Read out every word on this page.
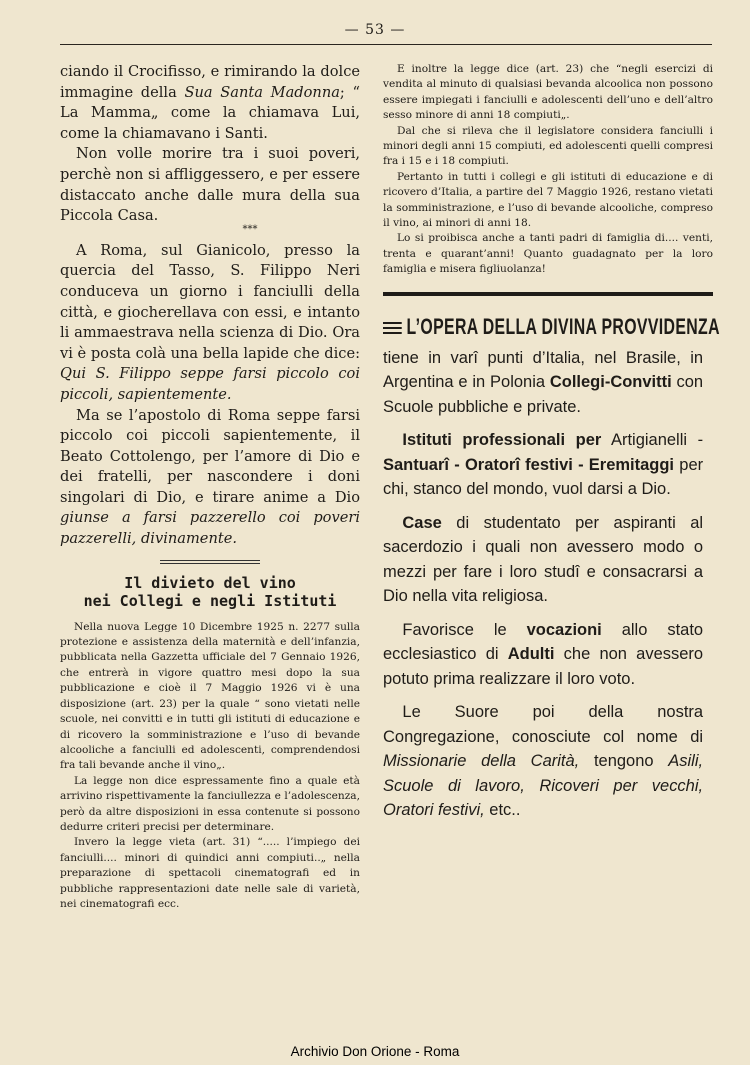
— 53 —

ciando il Crocifisso, e rimirando la dolce immagine della Sua Santa Madonna; “ La Mamma„ come la chiamava Lui, come la chiamavano i Santi.

Non volle morire tra i suoi poveri, perchè non si affliggessero, e per essere distaccato anche dalle mura della sua Piccola Casa.

***

A Roma, sul Gianicolo, presso la quercia del Tasso, S. Filippo Neri conduceva un giorno i fanciulli della città, e giocherellava con essi, e intanto li ammaestrava nella scienza di Dio. Ora vi è posta colà una bella lapide che dice: Qui S. Filippo seppe farsi piccolo coi piccoli, sapientemente.

Ma se l’apostolo di Roma seppe farsi piccolo coi piccoli sapientemente, il Beato Cottolengo, per l’amore di Dio e dei fratelli, per nascondere i doni singolari di Dio, e tirare anime a Dio giunse a farsi pazzerello coi poveri pazzerelli, divinamente.

Il divieto del vino
nei Collegi e negli Istituti

Nella nuova Legge 10 Dicembre 1925 n. 2277 sulla protezione e assistenza della maternità e dell’infanzia, pubblicata nella Gazzetta ufficiale del 7 Gennaio 1926, che entrerà in vigore quattro mesi dopo la sua pubblicazione e cioè il 7 Maggio 1926 vi è una disposizione (art. 23) per la quale “ sono vietati nelle scuole, nei convitti e in tutti gli istituti di educazione e di ricovero la somministrazione e l’uso di bevande alcooliche a fanciulli ed adolescenti, comprendendosi fra tali bevande anche il vino„.

La legge non dice espressamente fino a quale età arrivino rispettivamente la fanciullezza e l’adolescenza, però da altre disposizioni in essa contenute si possono dedurre criteri precisi per determinare.

Invero la legge vieta (art. 31) “..... l’impiego dei fanciulli.... minori di quindici anni compiuti..„ nella preparazione di spettacoli cinematografi ed in pubbliche rappresentazioni date nelle sale di varietà, nei cinematografi ecc.

E inoltre la legge dice (art. 23) che “negli esercizi di vendita al minuto di qualsiasi bevanda alcoolica non possono essere impiegati i fanciulli e adolescenti dell’uno e dell’altro sesso minore di anni 18 compiuti„.

Dal che si rileva che il legislatore considera fanciulli i minori degli anni 15 compiuti, ed adolescenti quelli compresi fra i 15 e i 18 compiuti.

Pertanto in tutti i collegi e gli istituti di educazione e di ricovero d’Italia, a partire del 7 Maggio 1926, restano vietati la somministrazione, e l’uso di bevande alcooliche, compreso il vino, ai minori di anni 18.

Lo si proibisca anche a tanti padri di famiglia di.... venti, trenta e quarant’anni! Quanto guadagnato per la loro famiglia e misera figliuolanza!

L’OPERA DELLA DIVINA PROVVIDENZA
tiene in varî punti d’Italia, nel Brasile, in Argentina e in Polonia Collegi-Convitti con Scuole pubbliche e private.
Istituti professionali per Artigianelli - Santuarî - Oratorî festivi - Eremitaggi per chi, stanco del mondo, vuol darsi a Dio.
Case di studentato per aspiranti al sacerdozio i quali non avessero modo o mezzi per fare i loro studî e consacrarsi a Dio nella vita religiosa.
Favorisce le vocazioni allo stato ecclesiastico di Adulti che non avessero potuto prima realizzare il loro voto.
Le Suore poi della nostra Congregazione, conosciute col nome di Missionarie della Carità, tengono Asili, Scuole di lavoro, Ricoveri per vecchi, Oratori festivi, etc..
Archivio Don Orione - Roma
